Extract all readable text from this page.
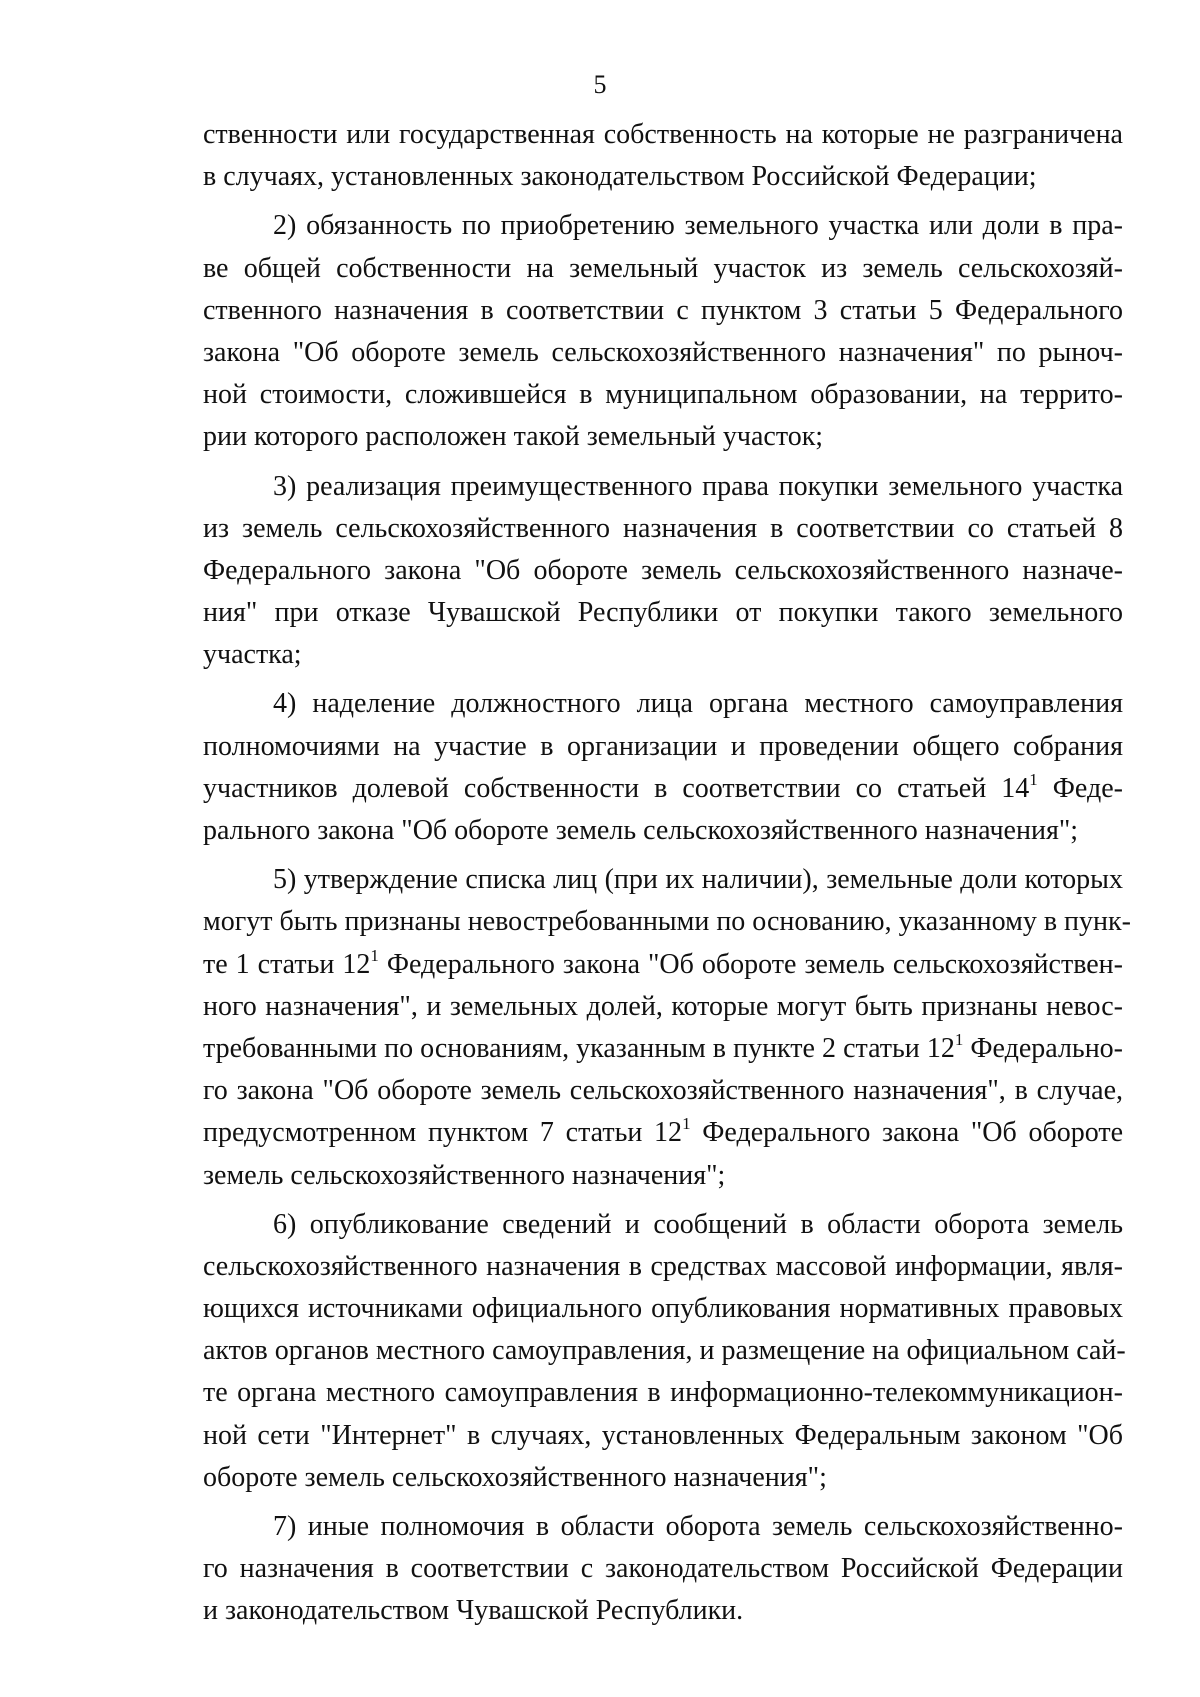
5
ственности или государственная собственность на которые не разграничена
в случаях, установленных законодательством Российской Федерации;
2) обязанность по приобретению земельного участка или доли в пра-
ве общей собственности на земельный участок из земель сельскохозяй-
ственного назначения в соответствии с пунктом 3 статьи 5 Федерального
закона "Об обороте земель сельскохозяйственного назначения" по рыноч-
ной стоимости, сложившейся в муниципальном образовании, на террито-
рии которого расположен такой земельный участок;
3) реализация преимущественного права покупки земельного участка
из земель сельскохозяйственного назначения в соответствии со статьей 8
Федерального закона "Об обороте земель сельскохозяйственного назначе-
ния" при отказе Чувашской Республики от покупки такого земельного
участка;
4) наделение должностного лица органа местного самоуправления
полномочиями на участие в организации и проведении общего собрания
участников долевой собственности в соответствии со статьей $14^1$ Феде-
рального закона "Об обороте земель сельскохозяйственного назначения";
5) утверждение списка лиц (при их наличии), земельные доли которых
могут быть признаны невостребованными по основанию, указанному в пунк-
те 1 статьи $12^1$ Федерального закона "Об обороте земель сельскохозяйствен-
ного назначения", и земельных долей, которые могут быть признаны невос-
требованными по основаниям, указанным в пункте 2 статьи $12^1$ Федерально-
го закона "Об обороте земель сельскохозяйственного назначения", в случае,
предусмотренном пунктом 7 статьи $12^1$ Федерального закона "Об обороте
земель сельскохозяйственного назначения";
6) опубликование сведений и сообщений в области оборота земель
сельскохозяйственного назначения в средствах массовой информации, явля-
ющихся источниками официального опубликования нормативных правовых
актов органов местного самоуправления, и размещение на официальном сай-
те органа местного самоуправления в информационно-телекоммуникацион-
ной сети "Интернет" в случаях, установленных Федеральным законом "Об
обороте земель сельскохозяйственного назначения";
7) иные полномочия в области оборота земель сельскохозяйственно-
го назначения в соответствии с законодательством Российской Федерации
и законодательством Чувашской Республики.
